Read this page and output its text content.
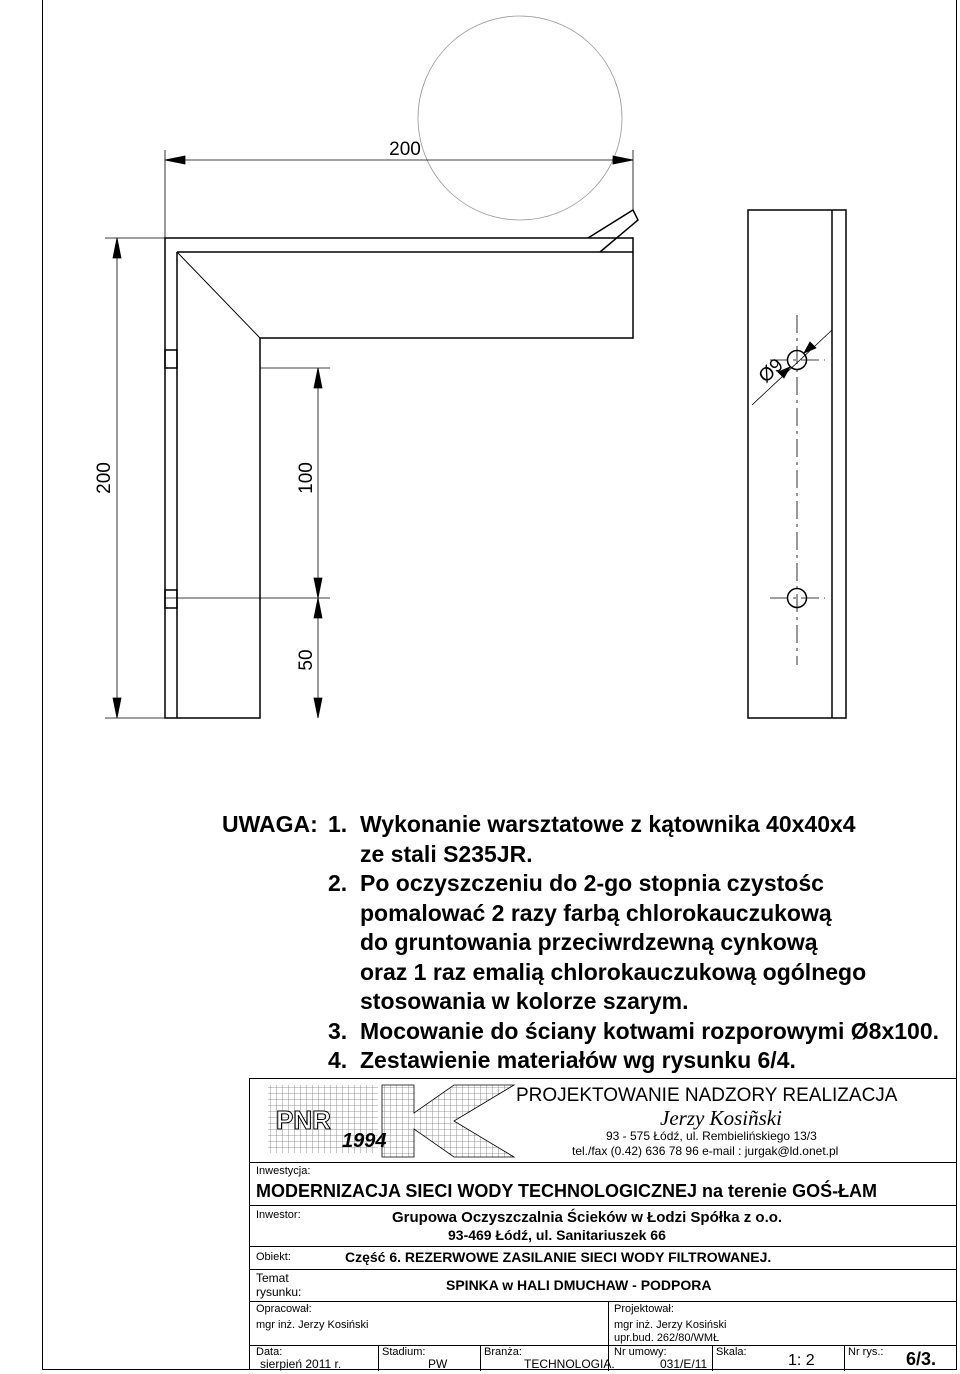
200
200	100
50
Ø9
UWAGA: 1. Wykonanie warsztatowe z kątownika 40x40x4
ze stali S235JR.
2. Po oczyszczeniu do 2-go stopnia czystośc
pomalować 2 razy farbą chlorokauczukową
do gruntowania przeciwrdzewną cynkową
oraz 1 raz emalią chlorokauczukową ogólnego
stosowania w kolorze szarym.
3. Mocowanie do ściany kotwami rozporowymi Ø8x100.
4. Zestawienie materiałów wg rysunku 6/4.
PNR
1994
PROJEKTOWANIE NADZORY REALIZACJA
Jerzy Kosiñski
93 - 575 Łódź, ul. Rembielińskiego 13/3
tel./fax (0.42) 636 78 96 e-mail : jurgak@ld.onet.pl
Inwestycja:
MODERNIZACJA SIECI WODY TECHNOLOGICZNEJ na terenie GOŚ-ŁAM
Inwestor:	Grupowa Oczyszczalnia Ścieków w Łodzi Spółka z o.o.
93-469 Łódź, ul. Sanitariuszek 66
Obiekt:	Część 6. REZERWOWE ZASILANIE SIECI WODY FILTROWANEJ.
Temat
rysunku:	SPINKA w HALI DMUCHAW - PODPORA
Opracował:
mgr inż. Jerzy Kosiński
Projektował:
mgr inż. Jerzy Kosiński
upr.bud. 262/80/WMŁ
Data:
sierpień 2011 r.
Stadium:
PW
Branża:
TECHNOLOGIA.
Nr umowy:
031/E/11
Skala:	1: 2	Nr rys.: 6/3.
